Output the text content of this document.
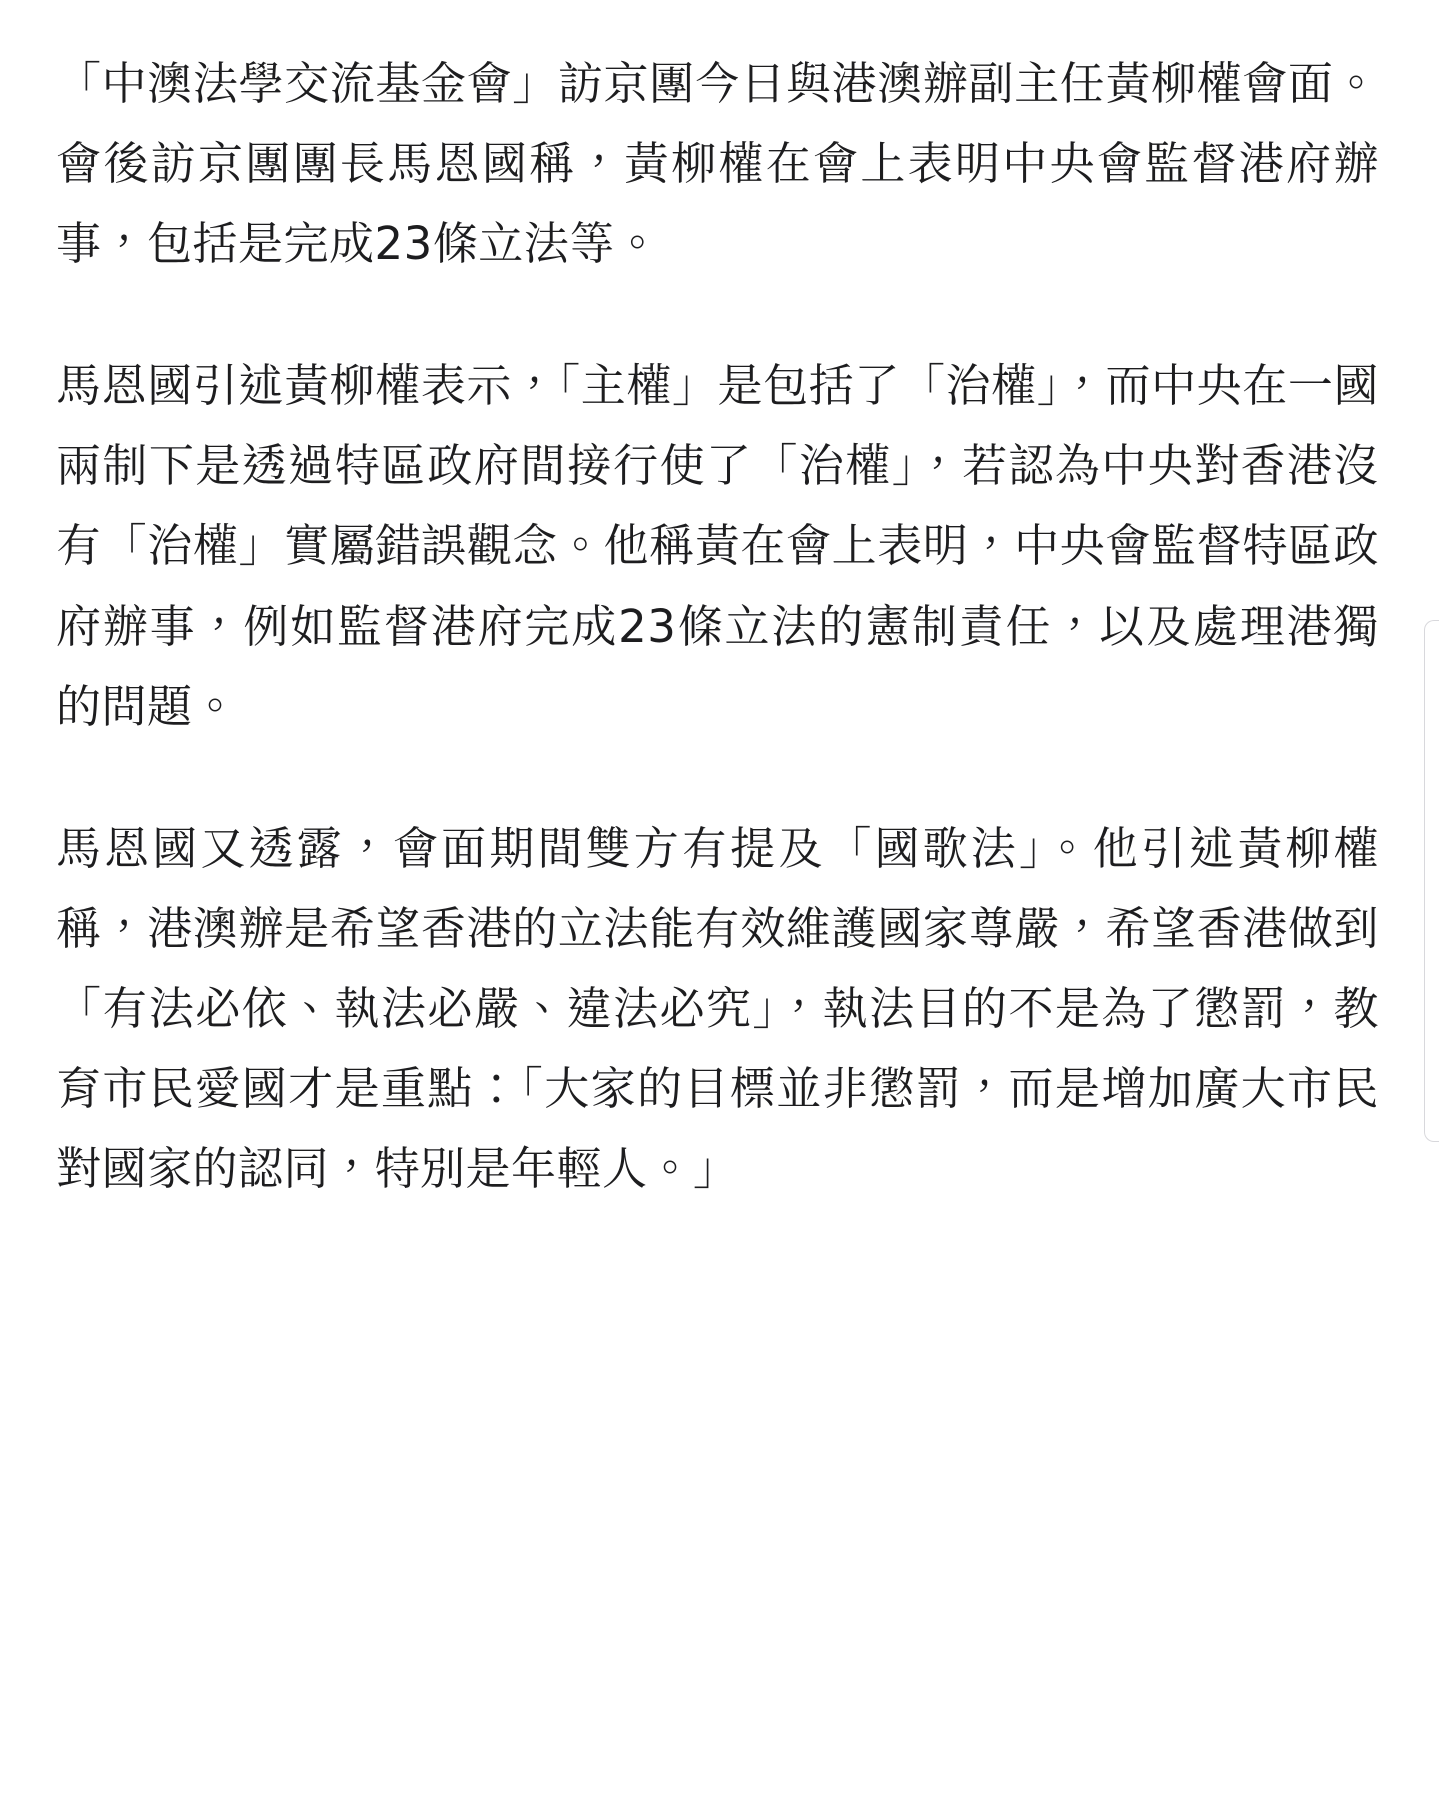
「中澳法學交流基金會」訪京團今日與港澳辦副主任黃柳權會面。會後訪京團團長馬恩國稱，黃柳權在會上表明中央會監督港府辦事，包括是完成23條立法等。

馬恩國引述黃柳權表示，「主權」是包括了「治權」，而中央在一國兩制下是透過特區政府間接行使了「治權」，若認為中央對香港沒有「治權」實屬錯誤觀念。他稱黃在會上表明，中央會監督特區政府辦事，例如監督港府完成23條立法的憲制責任，以及處理港獨的問題。

馬恩國又透露，會面期間雙方有提及「國歌法」。他引述黃柳權稱，港澳辦是希望香港的立法能有效維護國家尊嚴，希望香港做到「有法必依、執法必嚴、違法必究」，執法目的不是為了懲罰，教育市民愛國才是重點：「大家的目標並非懲罰，而是增加廣大市民對國家的認同，特別是年輕人。」
